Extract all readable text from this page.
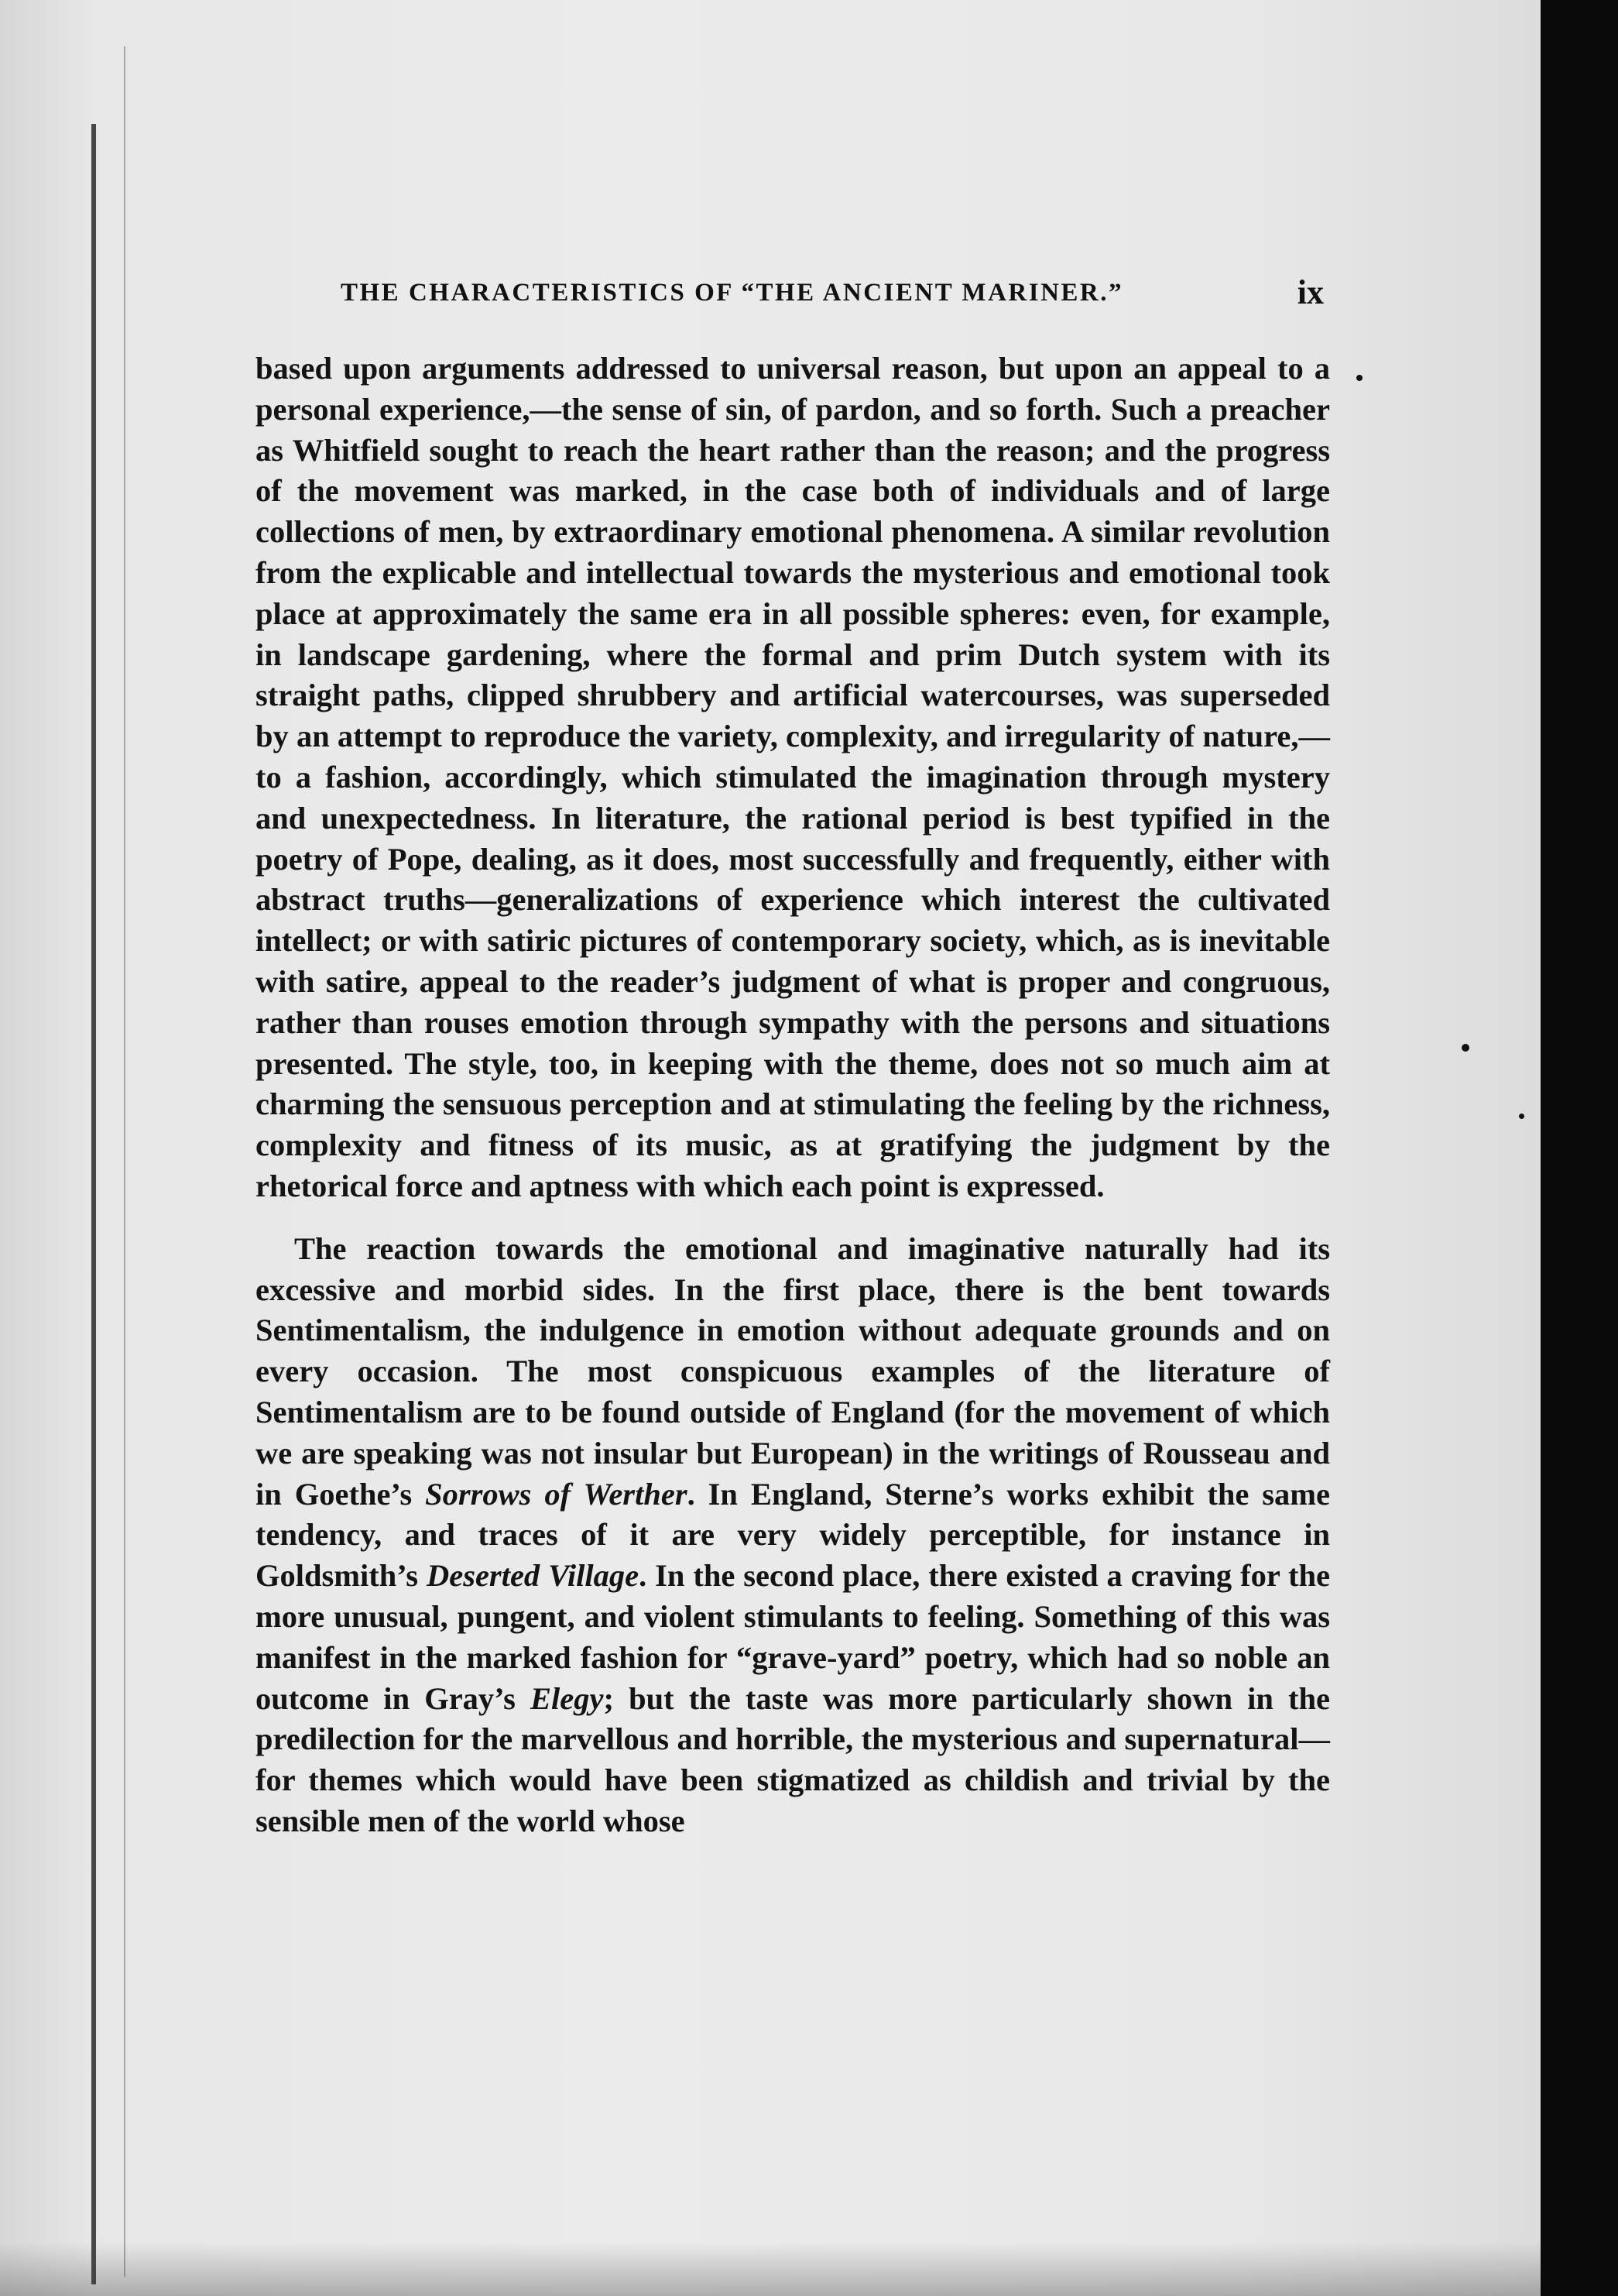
THE CHARACTERISTICS OF “THE ANCIENT MARINER.”	ix

based upon arguments addressed to universal reason, but upon an appeal to a personal experience,—the sense of sin, of pardon, and so forth. Such a preacher as Whitfield sought to reach the heart rather than the reason; and the progress of the movement was marked, in the case both of individuals and of large collections of men, by extraordinary emotional phenomena. A similar revolution from the explicable and intellectual towards the mysterious and emotional took place at approximately the same era in all possible spheres: even, for example, in landscape gardening, where the formal and prim Dutch system with its straight paths, clipped shrubbery and artificial watercourses, was superseded by an attempt to reproduce the variety, complexity, and irregularity of nature,—to a fashion, accordingly, which stimulated the imagination through mystery and unexpectedness. In literature, the rational period is best typified in the poetry of Pope, dealing, as it does, most successfully and frequently, either with abstract truths—generalizations of experience which interest the cultivated intellect; or with satiric pictures of contemporary society, which, as is inevitable with satire, appeal to the reader’s judgment of what is proper and congruous, rather than rouses emotion through sympathy with the persons and situations presented. The style, too, in keeping with the theme, does not so much aim at charming the sensuous perception and at stimulating the feeling by the richness, complexity and fitness of its music, as at gratifying the judgment by the rhetorical force and aptness with which each point is expressed.

The reaction towards the emotional and imaginative naturally had its excessive and morbid sides. In the first place, there is the bent towards Sentimentalism, the indulgence in emotion without adequate grounds and on every occasion. The most conspicuous examples of the literature of Sentimentalism are to be found outside of England (for the movement of which we are speaking was not insular but European) in the writings of Rousseau and in Goethe’s Sorrows of Werther. In England, Sterne’s works exhibit the same tendency, and traces of it are very widely perceptible, for instance in Goldsmith’s Deserted Village. In the second place, there existed a craving for the more unusual, pungent, and violent stimulants to feeling. Something of this was manifest in the marked fashion for “grave-yard” poetry, which had so noble an outcome in Gray’s Elegy; but the taste was more particularly shown in the predilection for the marvellous and horrible, the mysterious and supernatural—for themes which would have been stigmatized as childish and trivial by the sensible men of the world whose
